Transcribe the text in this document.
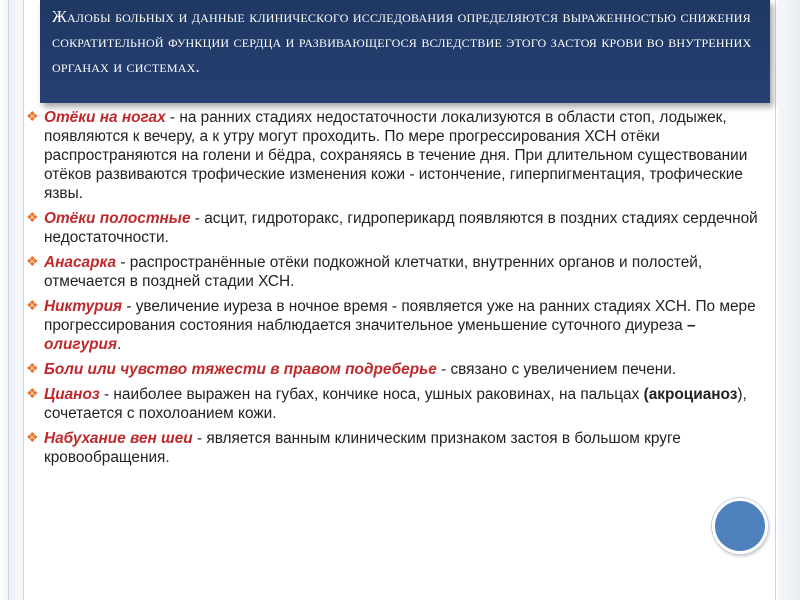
Жалобы больных и данные клинического исследования определяются выраженностью снижения сократительной функции сердца и развивающегося вследствие этого застоя крови во внутренних органах и системах.
❖ Отёки на ногах - на ранних стадиях недостаточности локализуются в области стоп, лодыжек, появляются к вечеру, а к утру могут проходить. По мере прогрессирования ХСН отёки распространяются на голени и бёдра, сохраняясь в течение дня. При длительном существовании отёков развиваются трофические изменения кожи - истончение, гиперпигментация, трофические язвы.
❖ Отёки полостные - асцит, гидроторакс, гидроперикард появляются в поздних стадиях сердечной недостаточности.
❖ Анасарка - распространённые отёки подкожной клетчатки, внутренних органов и полостей, отмечается в поздней стадии ХСН.
❖ Никтурия - увеличение иуреза в ночное время - появляется уже на ранних стадиях ХСН. По мере прогрессирования состояния наблюдается значительное уменьшение суточного диуреза – олигурия.
❖ Боли или чувство тяжести в правом подреберье - связано с увеличением печени.
❖ Цианоз - наиболее выражен на губах, кончике носа, ушных раковинах, на пальцах (акроцианоз), сочетается с похолоанием кожи.
❖ Набухание вен шеи - является ванным клиническим признаком застоя в большом круге кровообращения.
